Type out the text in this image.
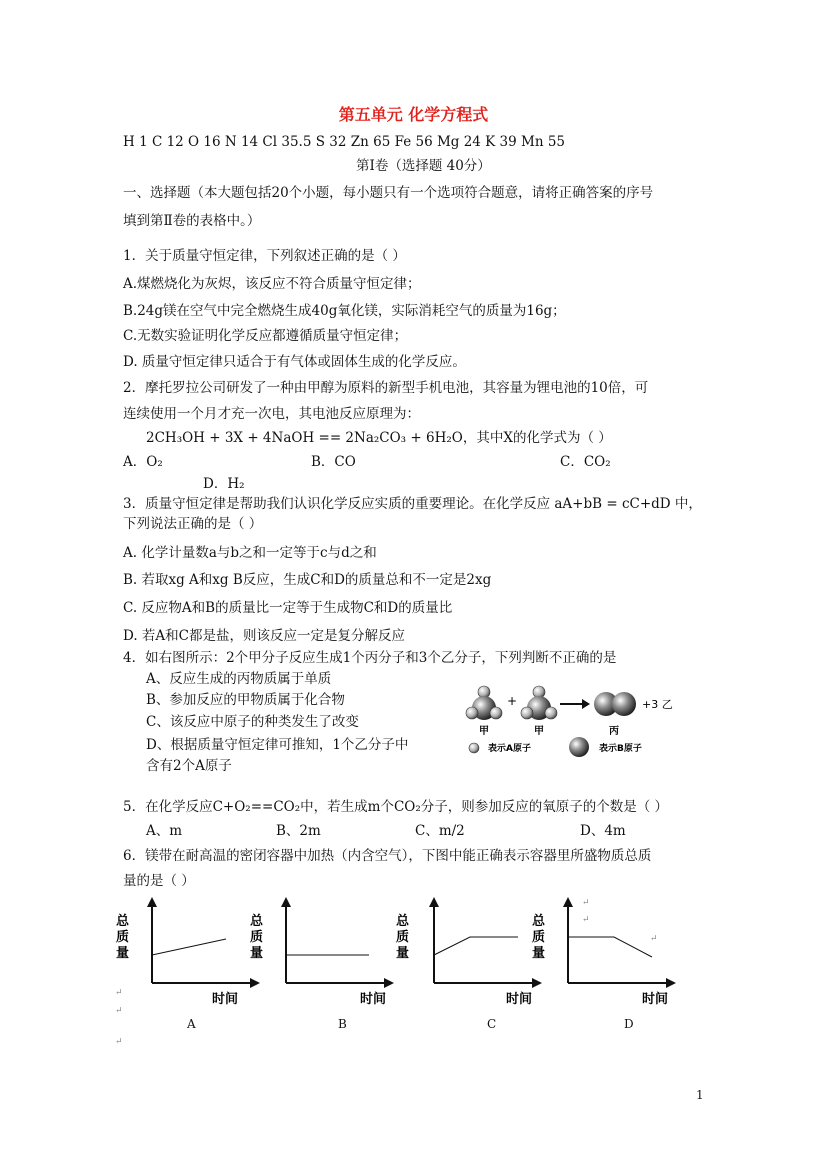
第五单元 化学方程式
H 1 C 12 O 16 N 14 Cl 35.5 S 32 Zn 65 Fe 56 Mg 24 K 39 Mn 55
第Ⅰ卷（选择题 40分）
一、选择题（本大题包括20个小题，每小题只有一个选项符合题意，请将正确答案的序号
填到第Ⅱ卷的表格中。）
1．关于质量守恒定律，下列叙述正确的是（ ）
A.煤燃烧化为灰烬，该反应不符合质量守恒定律；
B.24g镁在空气中完全燃烧生成40g氧化镁，实际消耗空气的质量为16g；
C.无数实验证明化学反应都遵循质量守恒定律；
D. 质量守恒定律只适合于有气体或固体生成的化学反应。
2．摩托罗拉公司研发了一种由甲醇为原料的新型手机电池，其容量为锂电池的10倍，可
连续使用一个月才充一次电，其电池反应原理为：
2CH₃OH + 3X + 4NaOH == 2Na₂CO₃ + 6H₂O，其中X的化学式为（ ）
A．O₂	B．CO	C．CO₂
D．H₂
3．质量守恒定律是帮助我们认识化学反应实质的重要理论。在化学反应 aA+bB = cC+dD 中，
下列说法正确的是（ ）
A. 化学计量数a与b之和一定等于c与d之和
B. 若取xg A和xg B反应，生成C和D的质量总和不一定是2xg
C. 反应物A和B的质量比一定等于生成物C和D的质量比
D. 若A和C都是盐，则该反应一定是复分解反应
4．如右图所示：2个甲分子反应生成1个丙分子和3个乙分子，下列判断不正确的是
A、反应生成的丙物质属于单质
B、参加反应的甲物质属于化合物
C、该反应中原子的种类发生了改变
D、根据质量守恒定律可推知，1个乙分子中
含有2个A原子
+	+3 乙
甲	甲	丙
表示A原子	表示B原子
5．在化学反应C+O₂==CO₂中，若生成m个CO₂分子，则参加反应的氧原子的个数是（ ）
A、m	B、2m	C、m/2	D、4m
6．镁带在耐高温的密闭容器中加热（内含空气），下图中能正确表示容器里所盛物质总质
量的是（ ）
总
质
量
时间
总
质
量
时间
总
质
量
时间
总
质
量
时间
↵
↵
↵
↵
↵
↵
A	B	C	D
1
